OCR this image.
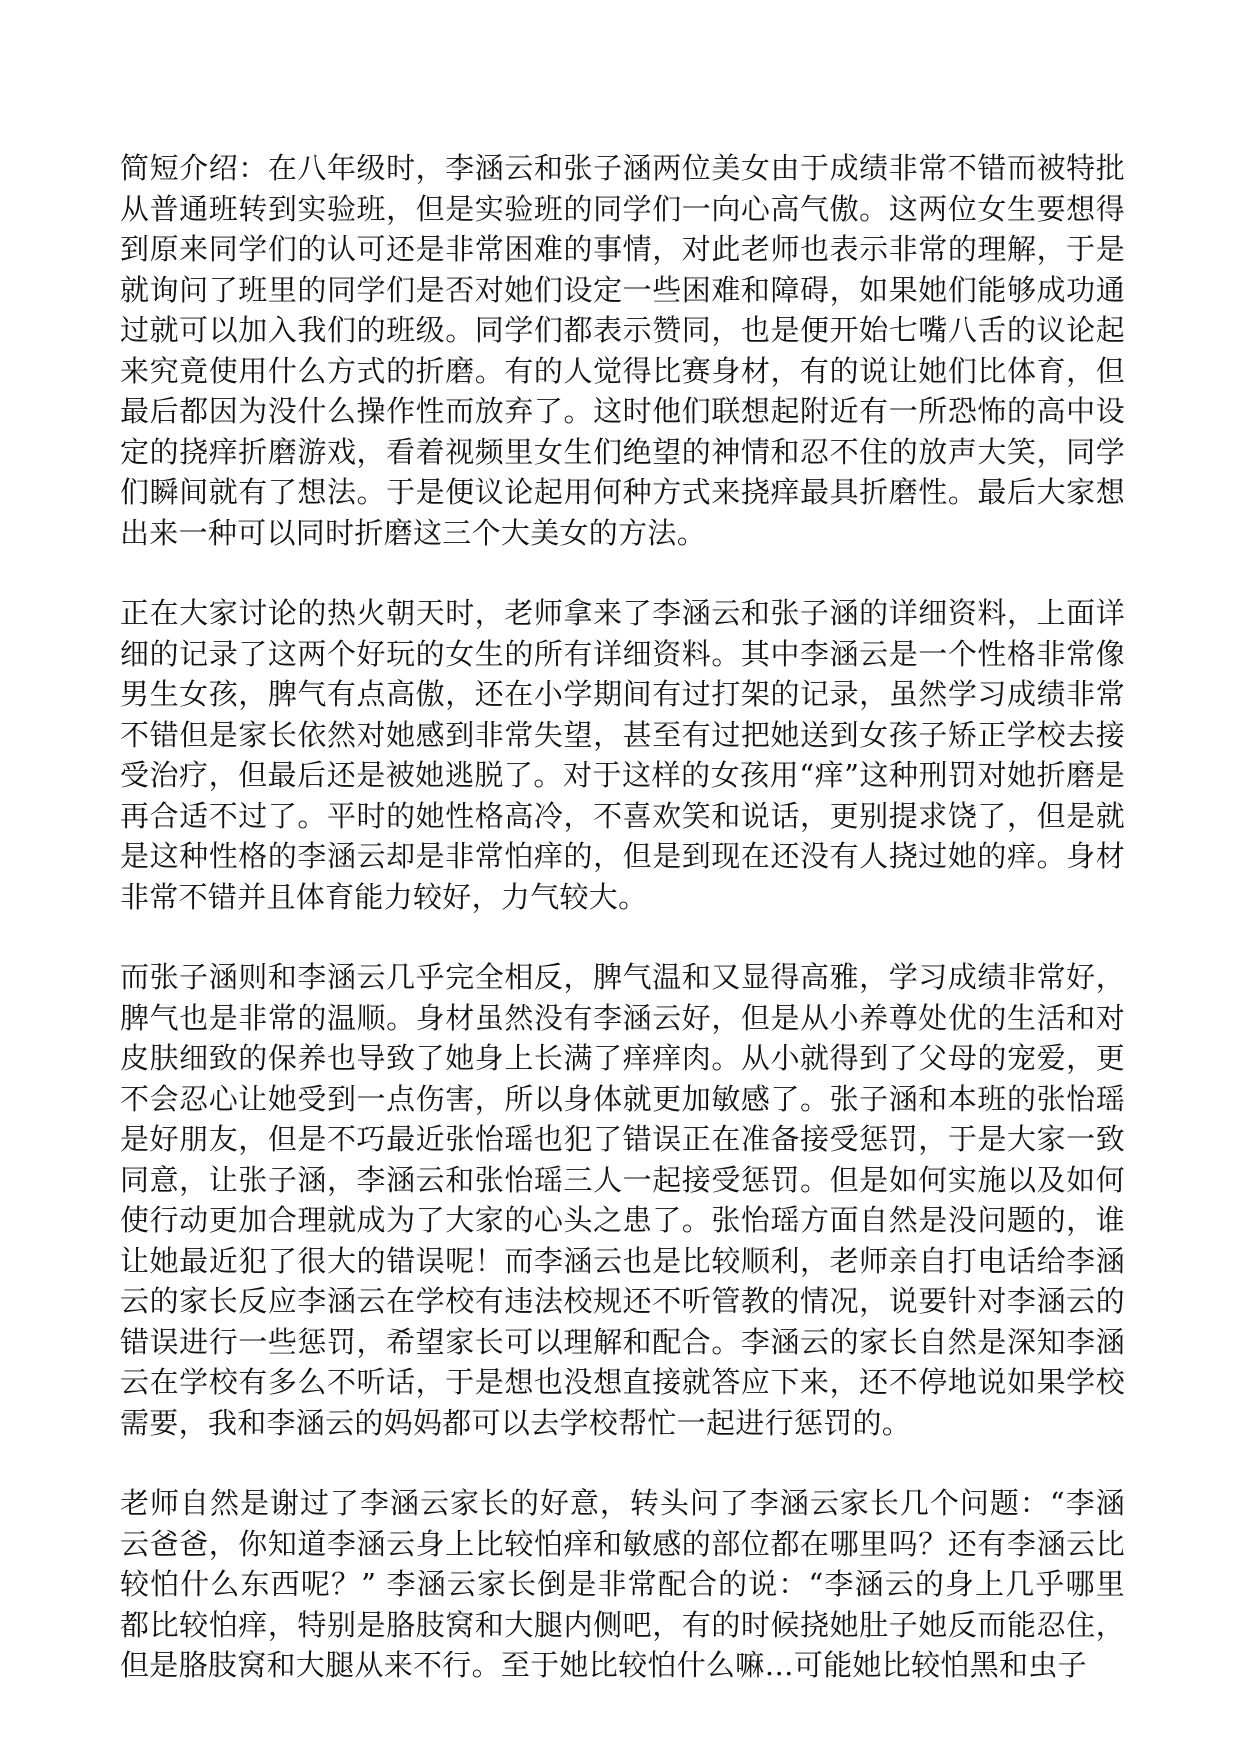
简短介绍：在八年级时，李涵云和张子涵两位美女由于成绩非常不错而被特批从普通班转到实验班，但是实验班的同学们一向心高气傲。这两位女生要想得到原来同学们的认可还是非常困难的事情，对此老师也表示非常的理解，于是就询问了班里的同学们是否对她们设定一些困难和障碍，如果她们能够成功通过就可以加入我们的班级。同学们都表示赞同，也是便开始七嘴八舌的议论起来究竟使用什么方式的折磨。有的人觉得比赛身材，有的说让她们比体育，但最后都因为没什么操作性而放弃了。这时他们联想起附近有一所恐怖的高中设定的挠痒折磨游戏，看着视频里女生们绝望的神情和忍不住的放声大笑，同学们瞬间就有了想法。于是便议论起用何种方式来挠痒最具折磨性。最后大家想出来一种可以同时折磨这三个大美女的方法。

正在大家讨论的热火朝天时，老师拿来了李涵云和张子涵的详细资料，上面详细的记录了这两个好玩的女生的所有详细资料。其中李涵云是一个性格非常像男生女孩，脾气有点高傲，还在小学期间有过打架的记录，虽然学习成绩非常不错但是家长依然对她感到非常失望，甚至有过把她送到女孩子矫正学校去接受治疗，但最后还是被她逃脱了。对于这样的女孩用“痒”这种刑罚对她折磨是再合适不过了。平时的她性格高冷，不喜欢笑和说话，更别提求饶了，但是就是这种性格的李涵云却是非常怕痒的，但是到现在还没有人挠过她的痒。身材非常不错并且体育能力较好，力气较大。

而张子涵则和李涵云几乎完全相反，脾气温和又显得高雅，学习成绩非常好，脾气也是非常的温顺。身材虽然没有李涵云好，但是从小养尊处优的生活和对皮肤细致的保养也导致了她身上长满了痒痒肉。从小就得到了父母的宠爱，更不会忍心让她受到一点伤害，所以身体就更加敏感了。张子涵和本班的张怡瑶是好朋友，但是不巧最近张怡瑶也犯了错误正在准备接受惩罚，于是大家一致同意，让张子涵，李涵云和张怡瑶三人一起接受惩罚。但是如何实施以及如何使行动更加合理就成为了大家的心头之患了。张怡瑶方面自然是没问题的，谁让她最近犯了很大的错误呢！而李涵云也是比较顺利，老师亲自打电话给李涵云的家长反应李涵云在学校有违法校规还不听管教的情况，说要针对李涵云的错误进行一些惩罚，希望家长可以理解和配合。李涵云的家长自然是深知李涵云在学校有多么不听话，于是想也没想直接就答应下来，还不停地说如果学校需要，我和李涵云的妈妈都可以去学校帮忙一起进行惩罚的。

老师自然是谢过了李涵云家长的好意，转头问了李涵云家长几个问题：“李涵云爸爸，你知道李涵云身上比较怕痒和敏感的部位都在哪里吗？还有李涵云比较怕什么东西呢？” 李涵云家长倒是非常配合的说：“李涵云的身上几乎哪里都比较怕痒，特别是胳肢窝和大腿内侧吧，有的时候挠她肚子她反而能忍住，但是胳肢窝和大腿从来不行。至于她比较怕什么嘛…可能她比较怕黑和虫子
